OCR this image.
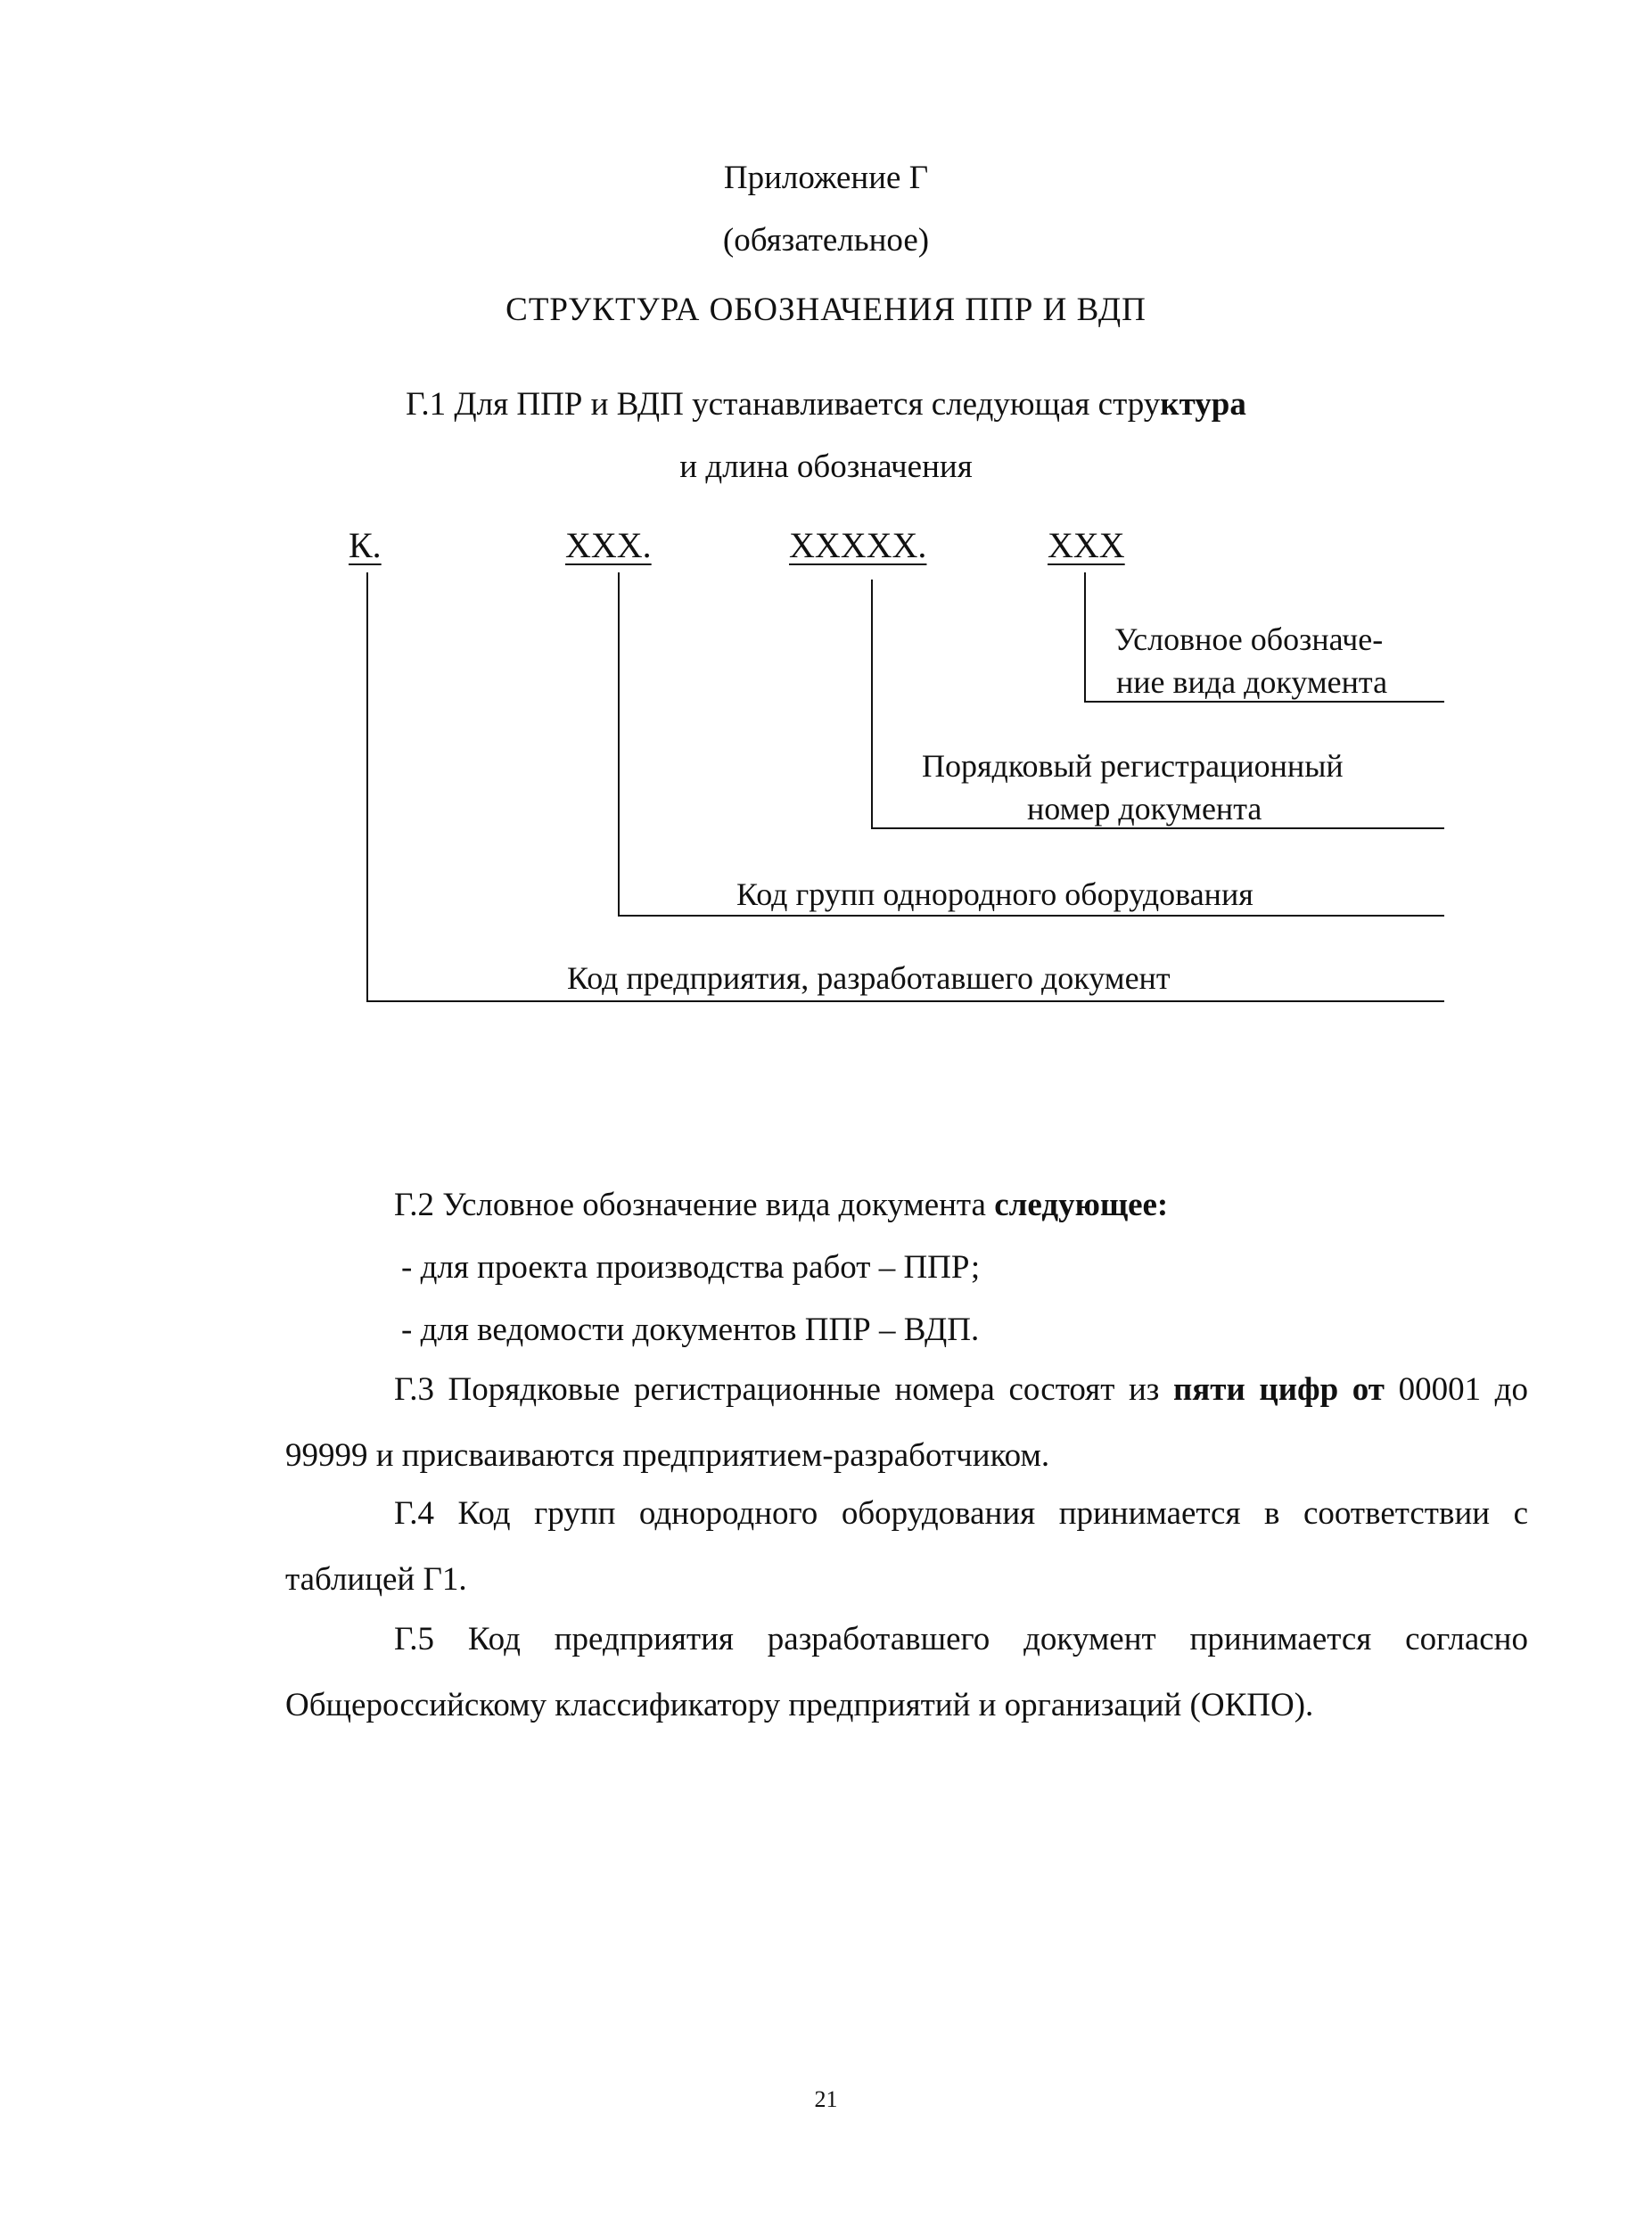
Приложение Г
(обязательное)
СТРУКТУРА ОБОЗНАЧЕНИЯ ППР И ВДП
Г.1 Для ППР и ВДП устанавливается следующая структура
и длина обозначения
К.	XXX.	XXXXX.	XXX
Условное обозначе-
ние вида документа
Порядковый регистрационный
номер документа
Код групп однородного оборудования
Код предприятия, разработавшего документ
Г.2 Условное обозначение вида документа следующее:
- для проекта производства работ – ППР;
- для ведомости документов ППР – ВДП.
Г.3 Порядковые регистрационные номера состоят из пяти цифр от 00001 до 99999 и присваиваются предприятием-разработчиком.
Г.4 Код групп однородного оборудования принимается в соответствии с таблицей Г1.
Г.5 Код предприятия разработавшего документ принимается согласно Общероссийскому классификатору предприятий и организаций (ОКПО).
21
